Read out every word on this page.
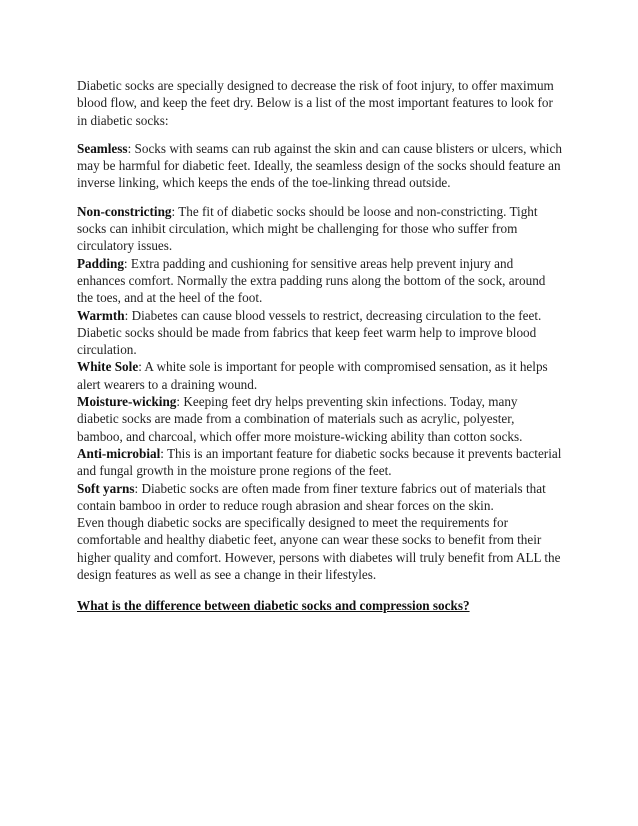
Diabetic socks are specially designed to decrease the risk of foot injury, to offer maximum blood flow, and keep the feet dry. Below is a list of the most important features to look for in diabetic socks:

Seamless: Socks with seams can rub against the skin and can cause blisters or ulcers, which may be harmful for diabetic feet. Ideally, the seamless design of the socks should feature an inverse linking, which keeps the ends of the toe-linking thread outside.

Non-constricting: The fit of diabetic socks should be loose and non-constricting. Tight socks can inhibit circulation, which might be challenging for those who suffer from circulatory issues.

Padding: Extra padding and cushioning for sensitive areas help prevent injury and enhances comfort. Normally the extra padding runs along the bottom of the sock, around the toes, and at the heel of the foot.

Warmth: Diabetes can cause blood vessels to restrict, decreasing circulation to the feet. Diabetic socks should be made from fabrics that keep feet warm help to improve blood circulation.

White Sole: A white sole is important for people with compromised sensation, as it helps alert wearers to a draining wound.

Moisture-wicking: Keeping feet dry helps preventing skin infections. Today, many diabetic socks are made from a combination of materials such as acrylic, polyester, bamboo, and charcoal, which offer more moisture-wicking ability than cotton socks.

Anti-microbial: This is an important feature for diabetic socks because it prevents bacterial and fungal growth in the moisture prone regions of the feet.

Soft yarns: Diabetic socks are often made from finer texture fabrics out of materials that contain bamboo in order to reduce rough abrasion and shear forces on the skin.

Even though diabetic socks are specifically designed to meet the requirements for comfortable and healthy diabetic feet, anyone can wear these socks to benefit from their higher quality and comfort. However, persons with diabetes will truly benefit from ALL the design features as well as see a change in their lifestyles.

What is the difference between diabetic socks and compression socks?
